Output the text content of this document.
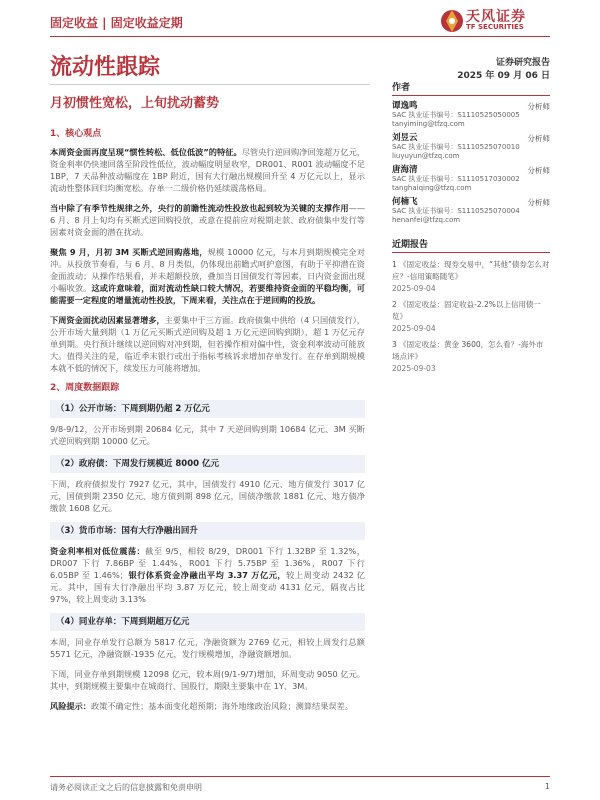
固定收益 | 固定收益定期	天风证券
TF SECURITIES
流动性跟踪	证券研究报告
2025 年 09 月 06 日
月初惯性宽松，上旬扰动蓄势
1、核心观点

本周资金面再度呈现“惯性转松、低位低波”的特征。尽管央行逆回购净回笼超万亿元，资金利率仍快速回落至阶段性低位，波动幅度明显收窄，DR001、R001 波动幅度不足 1BP，7 天品种波动幅度在 1BP 附近，国有大行融出规模回升至 4 万亿元以上，显示流动性整体回归均衡宽松。存单一二级价格仍延续震荡格局。

当中除了有季节性规律之外，央行的前瞻性流动性投放也起到较为关键的支撑作用——6 月、8 月上旬均有买断式逆回购投放，或意在提前应对税期走款、政府债集中发行等因素对资金面的潜在扰动。

聚焦 9 月，月初 3M 买断式逆回购落地，规模 10000 亿元，与本月到期规模完全对冲。从投放节奏看，与 6 月、8 月类似，仍体现出前瞻式呵护意图，有助于平抑潜在资金面波动；从操作结果看，并未超额投放，叠加当日国债发行等因素，日内资金面出现小幅收敛。这或许意味着，面对流动性缺口较大情况，若要维持资金面的平稳均衡，可能需要一定程度的增量流动性投放，下周来看，关注点在于逆回购的投放。

下周资金面扰动因素显著增多，主要集中于三方面。政府债集中供给（4 只国债发行），公开市场大量到期（1 万亿元买断式逆回购及超 1 万亿元逆回购到期），超 1 万亿元存单到期。央行预计继续以逆回购对冲到期，但若操作相对偏中性，资金利率波动可能放大。值得关注的是，临近季末银行或出于指标考核诉求增加存单发行。在存单到期规模本就不低的情况下，续发压力可能将增加。

2、周度数据跟踪
（1）公开市场：下周到期仍超 2 万亿元

9/8-9/12，公开市场到期 20684 亿元，其中 7 天逆回购到期 10684 亿元、3M 买断式逆回购到期 10000 亿元。

（2）政府债：下周发行规模近 8000 亿元

下周，政府债拟发行 7927 亿元，其中，国债发行 4910 亿元、地方债发行 3017 亿元，国债到期 2350 亿元、地方债到期 898 亿元，国债净缴款 1881 亿元、地方债净缴款 1608 亿元。

（3）货币市场：国有大行净融出回升

资金利率相对低位震荡：截至 9/5，相较 8/29，DR001 下行 1.32BP 至 1.32%，DR007 下行 7.86BP 至 1.44%，R001 下行 5.75BP 至 1.36%，R007 下行 6.05BP 至 1.46%；银行体系资金净融出平均 3.37 万亿元，较上周变动 2432 亿元。其中，国有大行净融出平均 3.87 万亿元，较上周变动 4131 亿元，隔夜占比 97%，较上周变动 3.13%

（4）同业存单：下周到期超万亿元

本周，同业存单发行总额为 5817 亿元，净融资额为 2769 亿元，相较上周发行总额 5571 亿元，净融资额-1935 亿元，发行规模增加，净融资额增加。

下周，同业存单到期规模 12098 亿元，较本周(9/1-9/7)增加，环周变动 9050 亿元。其中，到期规模主要集中在城商行、国股行，期限主要集中在 1Y、3M。

风险提示：政策不确定性；基本面变化超预期；海外地缘政治风险；测算结果误差。

作者
谭逸鸣	分析师
SAC 执业证书编号：S1110525050005
tanyiming@tfzq.com
刘昱云	分析师
SAC 执业证书编号：S1110525070010
liuyuyun@tfzq.com
唐海清	分析师
SAC 执业证书编号：S1110517030002
tanghaiqing@tfzq.com
何楠飞	分析师
SAC 执业证书编号：S1110525070004
henanfei@tfzq.com
近期报告
1 《固定收益：现券交易中，“其他”债券怎么对应？-信用策略随笔》
2025-09-04
2 《固定收益：固定收益-2.2%以上信用债一览》
2025-09-04
3 《固定收益：黄金 3600，怎么看？-海外市场点评》
2025-09-03
请务必阅读正文之后的信息披露和免责申明	1
